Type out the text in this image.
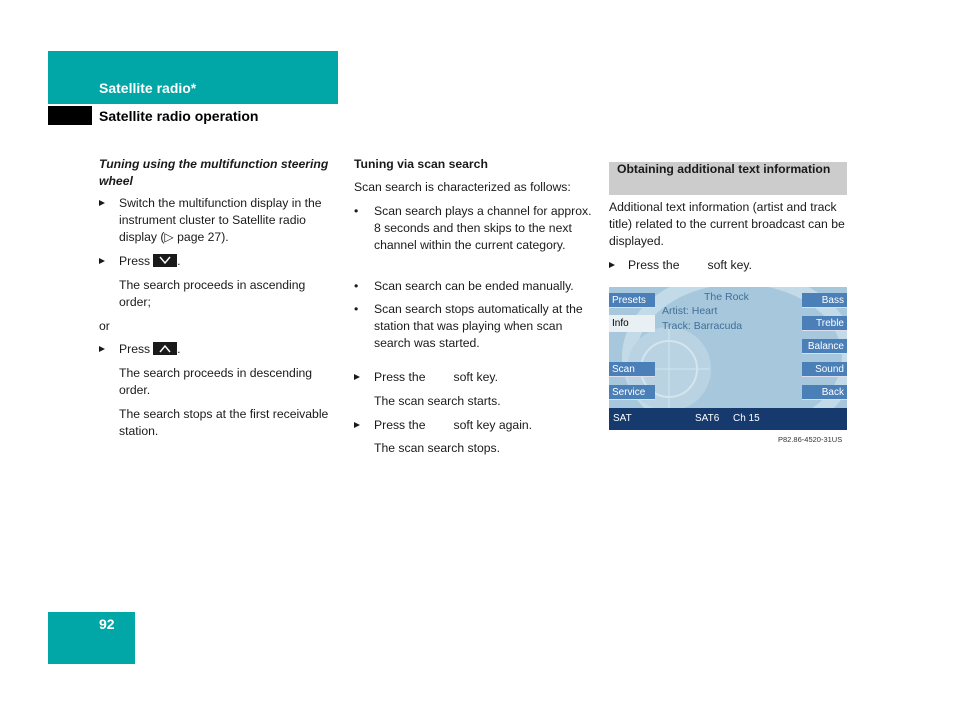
Satellite radio*
Satellite radio operation

Tuning using the multifunction steering wheel

Switch the multifunction display in the instrument cluster to Satellite radio display (▷ page 27).

Press .

The search proceeds in ascending order;
or

Press .

The search proceeds in descending order.
The search stops at the first receivable station.
Tuning via scan search
Scan search is characterized as follows:
•	Scan search plays a channel for approx. 8 seconds and then skips to the next channel within the current category.

•	Scan search can be ended manually.

•	Scan search stops automatically at the station that was playing when scan search was started.

Press the soft key.

The scan search starts.

Press the soft key again.

The scan search stops.
Obtaining additional text information
Additional text information (artist and track title) related to the current broadcast can be displayed.

Press the soft key.

Presets
Info
Scan
Service
Bass
Treble
Balance
Sound
Back
The Rock
Artist: Heart
Track: Barracuda
SAT	SAT6 Ch 15
P82.86-4520-31US
92
